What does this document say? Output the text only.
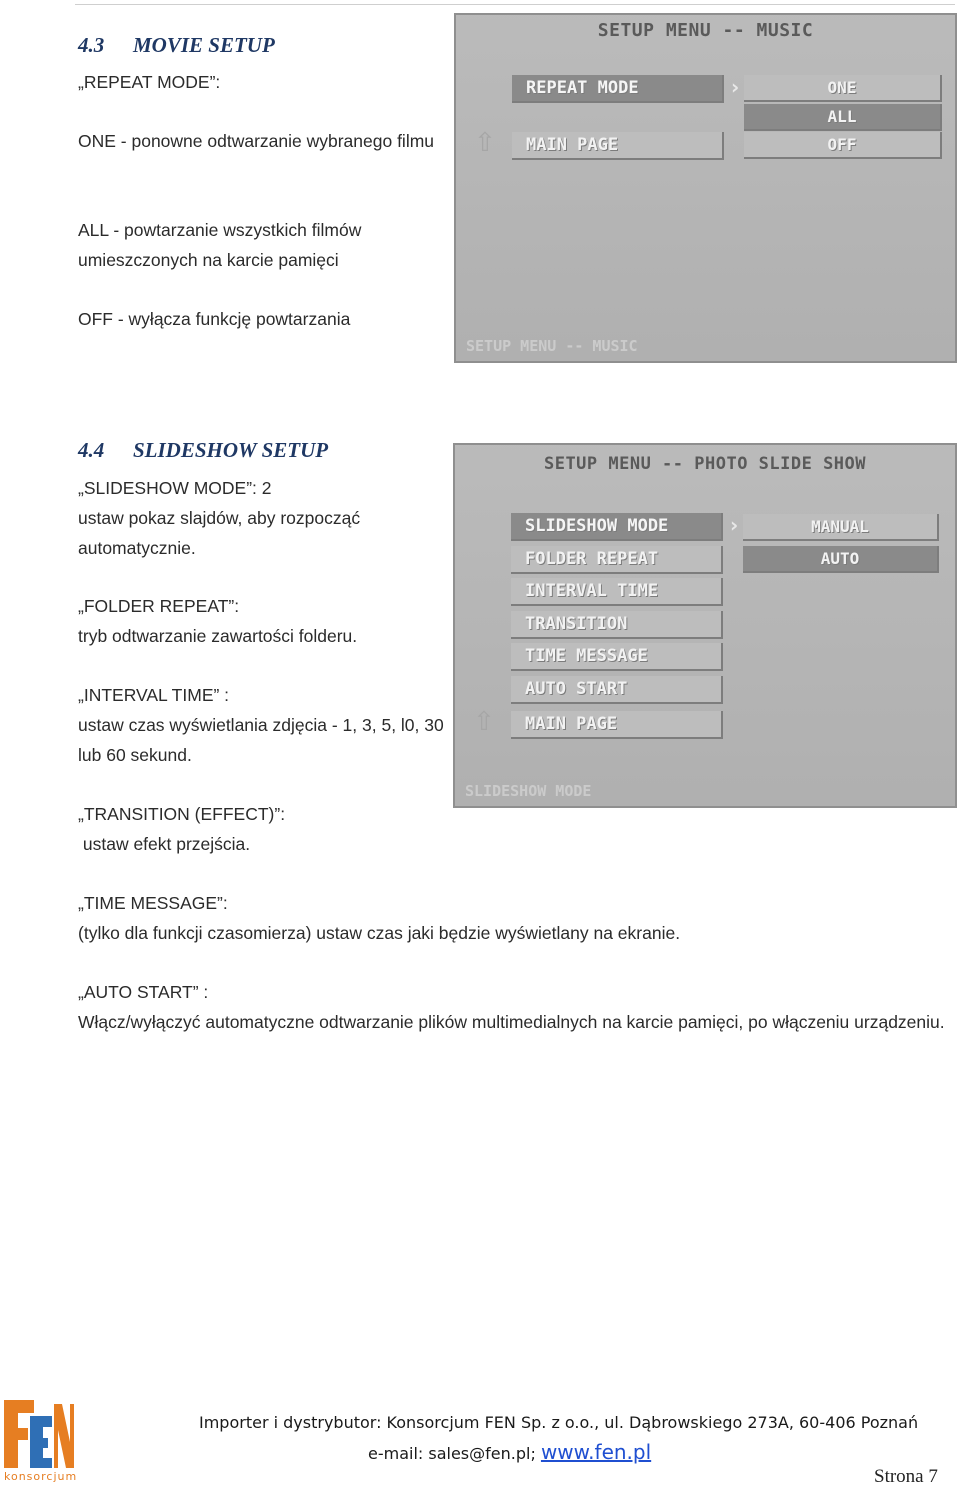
4.3 MOVIE SETUP
„REPEAT MODE”:
ONE - ponowne odtwarzanie wybranego filmu
ALL - powtarzanie wszystkich filmów umieszczonych na karcie pamięci
OFF - wyłącza funkcję powtarzania
SETUP MENU -- MUSIC
REPEAT MODE
MAIN PAGE
›
⇧
ONE
ALL
OFF
SETUP MENU -- MUSIC
4.4 SLIDESHOW SETUP
„SLIDESHOW MODE”: 2
ustaw pokaz slajdów, aby rozpocząć automatycznie.
„FOLDER REPEAT”:
tryb odtwarzanie zawartości folderu.
„INTERVAL TIME” :
ustaw czas wyświetlania zdjęcia - 1, 3, 5, l0, 30 lub 60 sekund.
„TRANSITION (EFFECT)”:
ustaw efekt przejścia.
„TIME MESSAGE”:
(tylko dla funkcji czasomierza) ustaw czas jaki będzie wyświetlany na ekranie.
„AUTO START” :
Włącz/wyłączyć automatyczne odtwarzanie plików multimedialnych na karcie pamięci, po włączeniu urządzeniu.
SETUP MENU -- PHOTO SLIDE SHOW
SLIDESHOW MODE
FOLDER REPEAT
INTERVAL TIME
TRANSITION
TIME MESSAGE
AUTO START
MAIN PAGE
›
⇧
MANUAL
AUTO
SLIDESHOW MODE
konsorcjum
Importer i dystrybutor: Konsorcjum FEN Sp. z o.o., ul. Dąbrowskiego 273A, 60-406 Poznań
e-mail: sales@fen.pl; www.fen.pl
Strona 7
